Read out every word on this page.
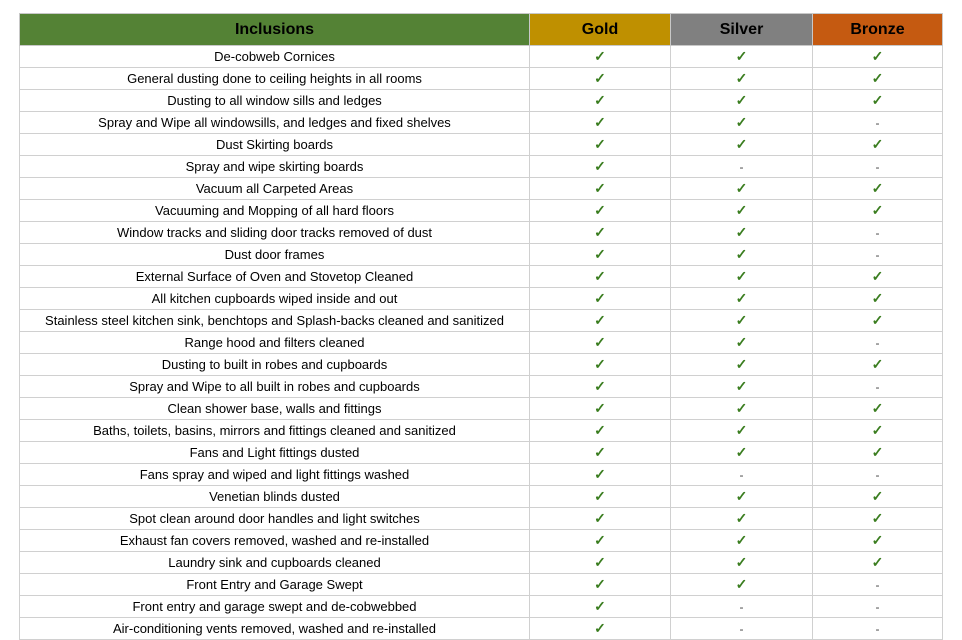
Inclusions	Gold	Silver	Bronze
De-cobweb Cornices	✓	✓	✓
General dusting done to ceiling heights in all rooms	✓	✓	✓
Dusting to all window sills and ledges	✓	✓	✓
Spray and Wipe all windowsills, and ledges and fixed shelves	✓	✓	-
Dust Skirting boards	✓	✓	✓
Spray and wipe skirting boards	✓	-	-
Vacuum all Carpeted Areas	✓	✓	✓
Vacuuming and Mopping of all hard floors	✓	✓	✓
Window tracks and sliding door tracks removed of dust	✓	✓	-
Dust door frames	✓	✓	-
External Surface of Oven and Stovetop Cleaned	✓	✓	✓
All kitchen cupboards wiped inside and out	✓	✓	✓
Stainless steel kitchen sink, benchtops and Splash-backs cleaned and sanitized	✓	✓	✓
Range hood and filters cleaned	✓	✓	-
Dusting to built in robes and cupboards	✓	✓	✓
Spray and Wipe to all built in robes and cupboards	✓	✓	-
Clean shower base, walls and fittings	✓	✓	✓
Baths, toilets, basins, mirrors and fittings cleaned and sanitized	✓	✓	✓
Fans and Light fittings dusted	✓	✓	✓
Fans spray and wiped and light fittings washed	✓	-	-
Venetian blinds dusted	✓	✓	✓
Spot clean around door handles and light switches	✓	✓	✓
Exhaust fan covers removed, washed and re-installed	✓	✓	✓
Laundry sink and cupboards cleaned	✓	✓	✓
Front Entry and Garage Swept	✓	✓	-
Front entry and garage swept and de-cobwebbed	✓	-	-
Air-conditioning vents removed, washed and re-installed	✓	-	-
